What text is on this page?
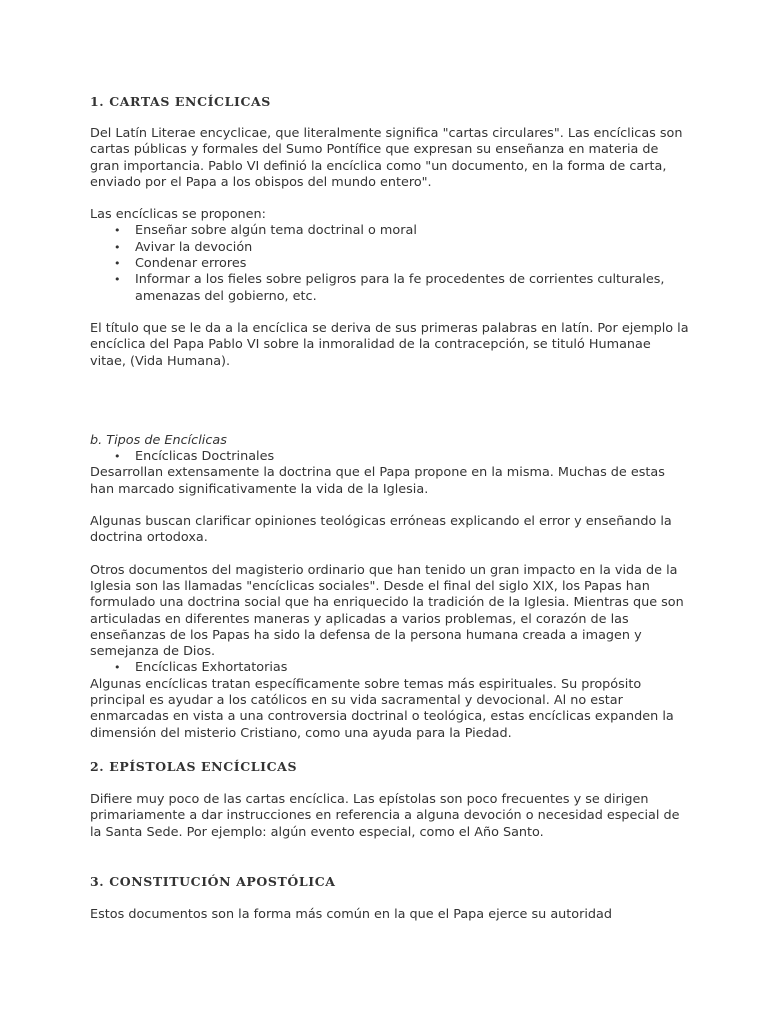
1. CARTAS ENCÍCLICAS

Del Latín Literae encyclicae, que literalmente significa "cartas circulares". Las encíclicas son cartas públicas y formales del Sumo Pontífice que expresan su enseñanza en materia de gran importancia. Pablo VI definió la encíclica como "un documento, en la forma de carta, enviado por el Papa a los obispos del mundo entero".

Las encíclicas se proponen:

• Enseñar sobre algún tema doctrinal o moral
• Avivar la devoción
• Condenar errores
• Informar a los fieles sobre peligros para la fe procedentes de corrientes culturales, amenazas del gobierno, etc.

El título que se le da a la encíclica se deriva de sus primeras palabras en latín. Por ejemplo la encíclica del Papa Pablo VI sobre la inmoralidad de la contracepción, se tituló Humanae vitae, (Vida Humana).

b. Tipos de Encíclicas

• Encíclicas Doctrinales

Desarrollan extensamente la doctrina que el Papa propone en la misma. Muchas de estas han marcado significativamente la vida de la Iglesia.

Algunas buscan clarificar opiniones teológicas erróneas explicando el error y enseñando la doctrina ortodoxa.

Otros documentos del magisterio ordinario que han tenido un gran impacto en la vida de la Iglesia son las llamadas "encíclicas sociales". Desde el final del siglo XIX, los Papas han formulado una doctrina social que ha enriquecido la tradición de la Iglesia. Mientras que son articuladas en diferentes maneras y aplicadas a varios problemas, el corazón de las enseñanzas de los Papas ha sido la defensa de la persona humana creada a imagen y semejanza de Dios.

• Encíclicas Exhortatorias

Algunas encíclicas tratan específicamente sobre temas más espirituales. Su propósito principal es ayudar a los católicos en su vida sacramental y devocional. Al no estar enmarcadas en vista a una controversia doctrinal o teológica, estas encíclicas expanden la dimensión del misterio Cristiano, como una ayuda para la Piedad.

2. EPÍSTOLAS ENCÍCLICAS

Difiere muy poco de las cartas encíclica. Las epístolas son poco frecuentes y se dirigen primariamente a dar instrucciones en referencia a alguna devoción o necesidad especial de la Santa Sede. Por ejemplo: algún evento especial, como el Año Santo.

3. CONSTITUCIÓN APOSTÓLICA

Estos documentos son la forma más común en la que el Papa ejerce su autoridad
